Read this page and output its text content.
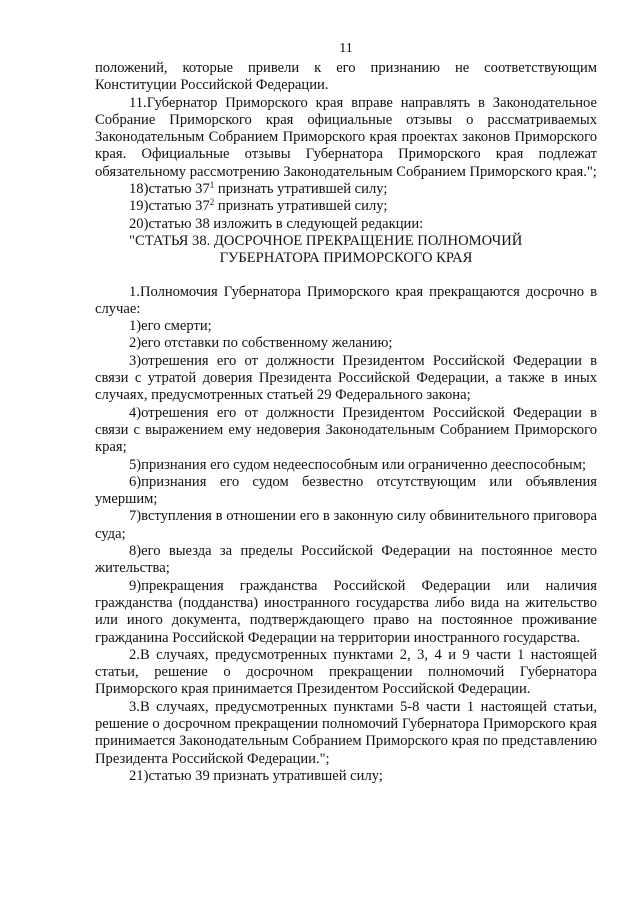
11

положений, которые привели к его признанию не соответствующим Конституции Российской Федерации.

11.Губернатор Приморского края вправе направлять в Законодательное Собрание Приморского края официальные отзывы о рассматриваемых Законодательным Собранием Приморского края проектах законов Приморского края. Официальные отзывы Губернатора Приморского края подлежат обязательному рассмотрению Законодательным Собранием Приморского края.";

18)статью $37^1$ признать утратившей силу;

19)статью $37^2$ признать утратившей силу;

20)статью 38 изложить в следующей редакции:

"СТАТЬЯ 38. ДОСРОЧНОЕ ПРЕКРАЩЕНИЕ ПОЛНОМОЧИЙ

ГУБЕРНАТОРА ПРИМОРСКОГО КРАЯ

1.Полномочия Губернатора Приморского края прекращаются досрочно в случае:

1)его смерти;

2)его отставки по собственному желанию;

3)отрешения его от должности Президентом Российской Федерации в связи с утратой доверия Президента Российской Федерации, а также в иных случаях, предусмотренных статьей 29 Федерального закона;

4)отрешения его от должности Президентом Российской Федерации в связи с выражением ему недоверия Законодательным Собранием Приморского края;

5)признания его судом недееспособным или ограниченно дееспособным;

6)признания его судом безвестно отсутствующим или объявления умершим;

7)вступления в отношении его в законную силу обвинительного приговора суда;

8)его выезда за пределы Российской Федерации на постоянное место жительства;

9)прекращения гражданства Российской Федерации или наличия гражданства (подданства) иностранного государства либо вида на жительство или иного документа, подтверждающего право на постоянное проживание гражданина Российской Федерации на территории иностранного государства.

2.В случаях, предусмотренных пунктами 2, 3, 4 и 9 части 1 настоящей статьи, решение о досрочном прекращении полномочий Губернатора Приморского края принимается Президентом Российской Федерации.

3.В случаях, предусмотренных пунктами 5-8 части 1 настоящей статьи, решение о досрочном прекращении полномочий Губернатора Приморского края принимается Законодательным Собранием Приморского края по представлению Президента Российской Федерации.";

21)статью 39 признать утратившей силу;
